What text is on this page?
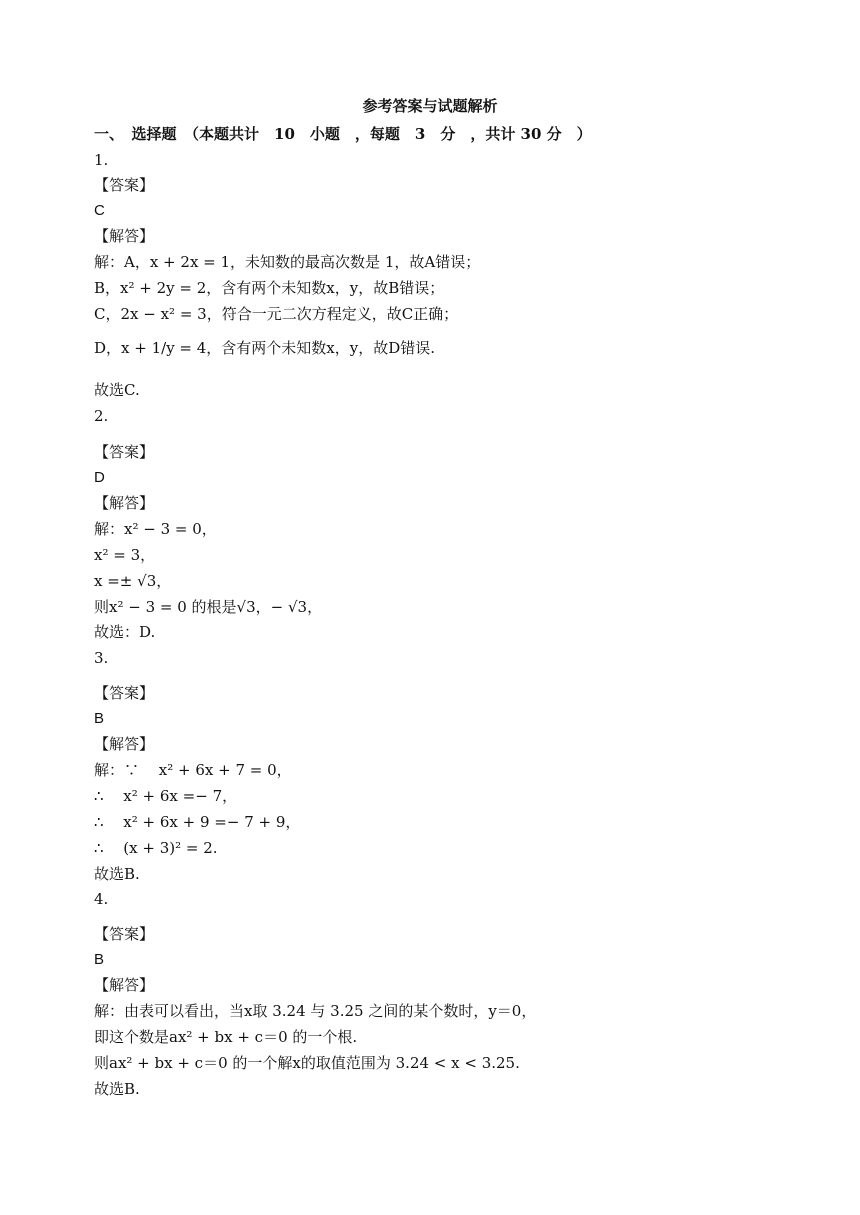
参考答案与试题解析
一、　选择题　（本题共计　10　小题　，每题　3　分　，共计 30 分　）
1.
【答案】
C
【解答】
解：A，x + 2x = 1，未知数的最高次数是 1，故A错误；
B，x² + 2y = 2，含有两个未知数x，y，故B错误；
C，2x − x² = 3，符合一元二次方程定义，故C正确；
D，x + 1/y = 4，含有两个未知数x，y，故D错误.
故选C.
2.
【答案】
D
【解答】
解：x² − 3 = 0，
x² = 3，
x =± √3，
则x² − 3 = 0 的根是√3，− √3，
故选：D.
3.
【答案】
B
【解答】
解：∵　 x² + 6x + 7 = 0，
∴　 x² + 6x =− 7，
∴　 x² + 6x + 9 =− 7 + 9，
∴　 (x + 3)² = 2.
故选B.
4.
【答案】
B
【解答】
解：由表可以看出，当x取 3.24 与 3.25 之间的某个数时，y＝0，
即这个数是ax² + bx + c＝0 的一个根.
则ax² + bx + c＝0 的一个解x的取值范围为 3.24 < x < 3.25.
故选B.
